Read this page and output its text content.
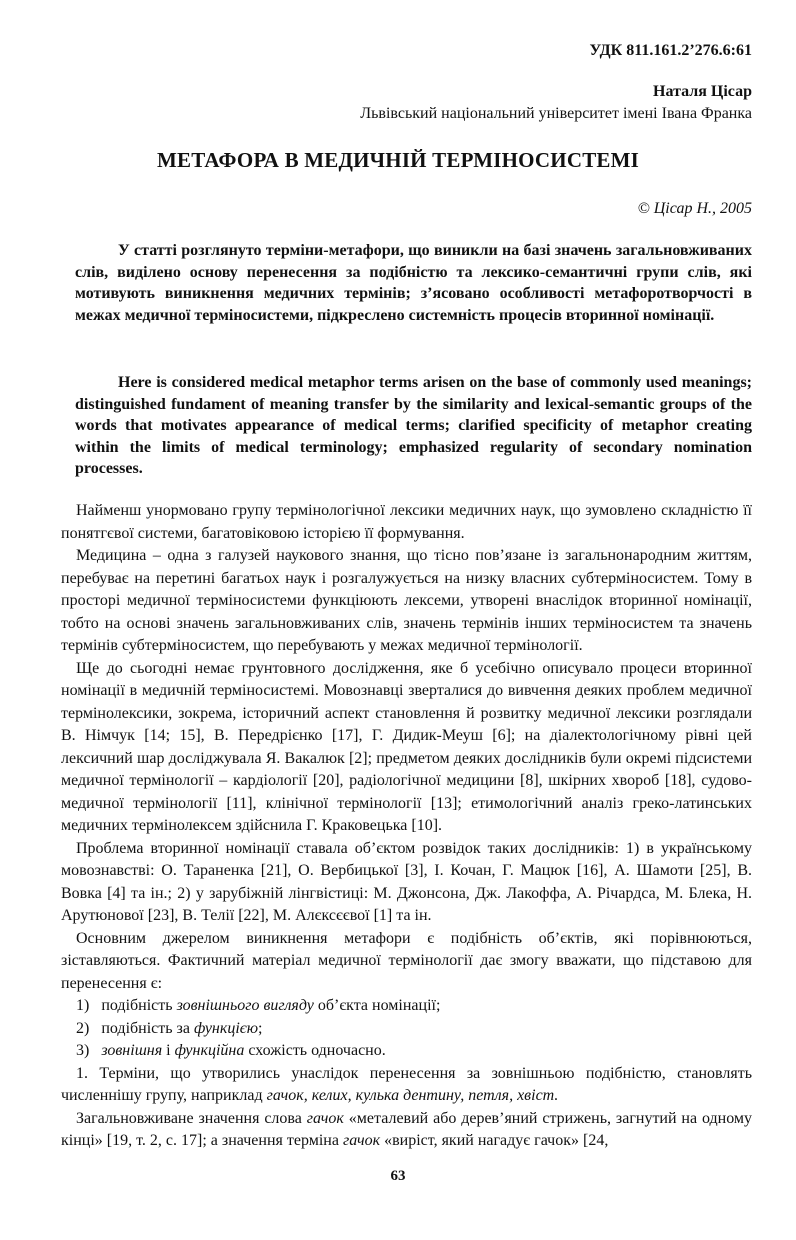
УДК 811.161.2’276.6:61
Наталя Цісар
Львівський національний університет імені Івана Франка
МЕТАФОРА В МЕДИЧНІЙ ТЕРМІНОСИСТЕМІ
© Цісар Н., 2005

У статті розглянуто терміни-метафори, що виникли на базі значень загальновживаних слів, виділено основу перенесення за подібністю та лексико-семантичні групи слів, які мотивують виникнення медичних термінів; з’ясовано особливості метафоротворчості в межах медичної терміносистеми, підкреслено системність процесів вторинної номінації.

Here is considered medical metaphor terms arisen on the base of commonly used meanings; distinguished fundament of meaning transfer by the similarity and lexical-semantic groups of the words that motivates appearance of medical terms; clarified specificity of metaphor creating within the limits of medical terminology; emphasized regularity of secondary nomination processes.

Найменш унормовано групу термінологічної лексики медичних наук, що зумовлено складністю її понятгєвої системи, багатовіковою історією її формування.

Медицина – одна з галузей наукового знання, що тісно пов’язане із загальнонародним життям, перебуває на перетині багатьох наук і розгалужується на низку власних субтерміносистем. Тому в просторі медичної терміносистеми функціюють лексеми, утворені внаслідок вторинної номінації, тобто на основі значень загальновживаних слів, значень термінів інших терміносистем та значень термінів субтерміносистем, що перебувають у межах медичної термінології.

Ще до сьогодні немає грунтовного дослідження, яке б усебічно описувало процеси вторинної номінації в медичній терміносистемі. Мовознавці зверталися до вивчення деяких проблем медичної термінолексики, зокрема, історичний аспект становлення й розвитку медичної лексики розглядали В. Німчук [14; 15], В. Передрієнко [17], Г. Дидик-Меуш [6]; на діалектологічному рівні цей лексичний шар досліджувала Я. Вакалюк [2]; предметом деяких дослідників були окремі підсистеми медичної термінології – кардіології [20], радіологічної медицини [8], шкірних хвороб [18], судово-медичної термінології [11], клінічної термінології [13]; етимологічний аналіз греко-латинських медичних термінолексем здійснила Г. Краковецька [10].

Проблема вторинної номінації ставала об’єктом розвідок таких дослідників: 1) в українському мовознавстві: О. Тараненка [21], О. Вербицької [3], І. Кочан, Г. Мацюк [16], А. Шамоти [25], В. Вовка [4] та ін.; 2) у зарубіжній лінгвістиці: М. Джонсона, Дж. Лакоффа, А. Річардса, М. Блека, Н. Арутюнової [23], В. Телії [22], М. Алєксєєвої [1] та ін.

Основним джерелом виникнення метафори є подібність об’єктів, які порівнюються, зіставляються. Фактичний матеріал медичної термінології дає змогу вважати, що підставою для перенесення є:

1) подібність зовнішнього вигляду об’єкта номінації;

2) подібність за функцією;

3) зовнішня і функційна схожість одночасно.

1. Терміни, що утворились унаслідок перенесення за зовнішньою подібністю, становлять численнішу групу, наприклад гачок, келих, кулька дентину, петля, хвіст.

Загальновживане значення слова гачок «металевий або дерев’яний стрижень, загнутий на одному кінці» [19, т. 2, с. 17]; а значення терміна гачок «виріст, який нагадує гачок» [24,

63
